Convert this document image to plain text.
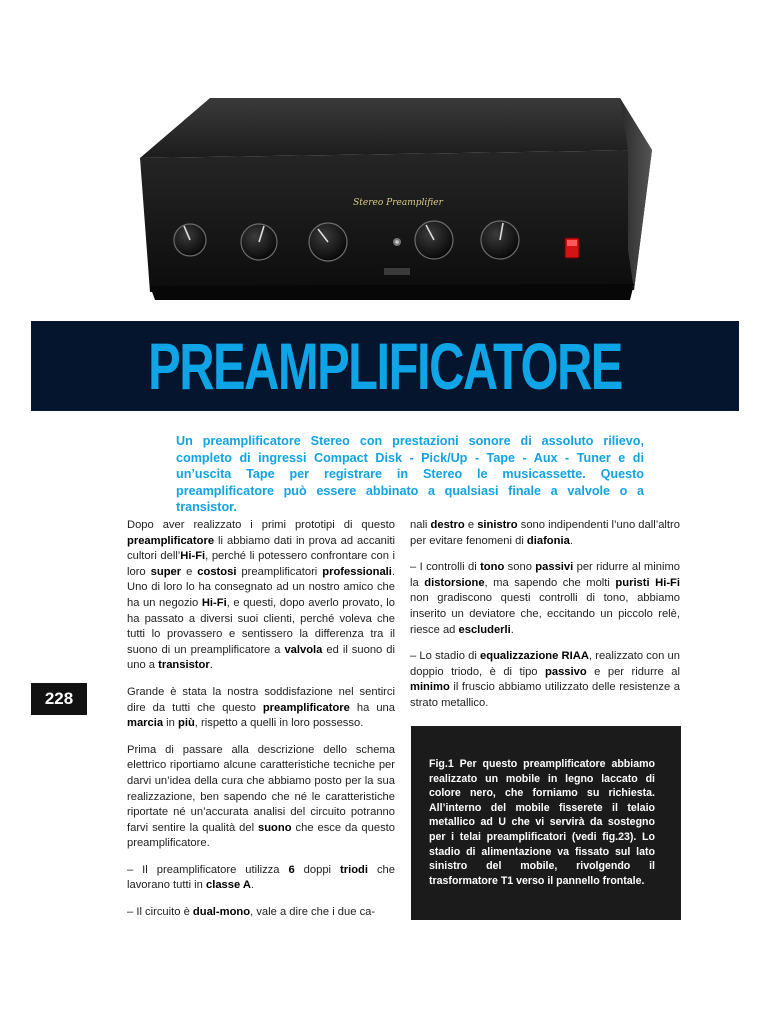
Stereo Preamplifier
PREAMPLIFICATORE
Un preamplificatore Stereo con prestazioni sonore di assoluto rilievo, completo di ingressi Compact Disk - Pick/Up - Tape - Aux - Tuner e di un’uscita Tape per registrare in Stereo le musicassette. Questo preamplificatore può essere abbinato a qualsiasi finale a valvole o a transistor.

Dopo aver realizzato i primi prototipi di questo preamplificatore li abbiamo dati in prova ad accaniti cultori dell’Hi-Fi, perché li potessero confrontare con i loro super e costosi preamplificatori professionali. Uno di loro lo ha consegnato ad un nostro amico che ha un negozio Hi-Fi, e questi, dopo averlo provato, lo ha passato a diversi suoi clienti, perché voleva che tutti lo provassero e sentissero la differenza tra il suono di un preamplificatore a valvola ed il suono di uno a transistor.

Grande è stata la nostra soddisfazione nel sentirci dire da tutti che questo preamplificatore ha una marcia in più, rispetto a quelli in loro possesso.

Prima di passare alla descrizione dello schema elettrico riportiamo alcune caratteristiche tecniche per darvi un’idea della cura che abbiamo posto per la sua realizzazione, ben sapendo che né le caratteristiche riportate né un’accurata analisi del circuito potranno farvi sentire la qualità del suono che esce da questo preamplificatore.

– Il preamplificatore utilizza 6 doppi triodi che lavorano tutti in classe A.

– Il circuito è dual-mono, vale a dire che i due ca-

nali destro e sinistro sono indipendenti l’uno dall’altro per evitare fenomeni di diafonia.

– I controlli di tono sono passivi per ridurre al minimo la distorsione, ma sapendo che molti puristi Hi-Fi non gradiscono questi controlli di tono, abbiamo inserito un deviatore che, eccitando un piccolo relè, riesce ad escluderli.

– Lo stadio di equalizzazione RIAA, realizzato con un doppio triodo, è di tipo passivo e per ridurre al minimo il fruscio abbiamo utilizzato delle resistenze a strato metallico.

228
Fig.1 Per questo preamplificatore abbiamo realizzato un mobile in legno laccato di colore nero, che forniamo su richiesta. All’interno del mobile fisserete il telaio metallico ad U che vi servirà da sostegno per i telai preamplificatori (vedi fig.23). Lo stadio di alimentazione va fissato sul lato sinistro del mobile, rivolgendo il trasformatore T1 verso il pannello frontale.
